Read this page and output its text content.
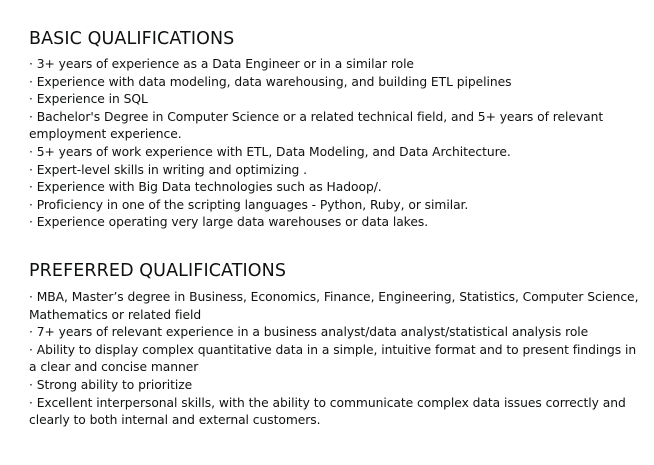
BASIC QUALIFICATIONS
· 3+ years of experience as a Data Engineer or in a similar role
· Experience with data modeling, data warehousing, and building ETL pipelines
· Experience in SQL
· Bachelor's Degree in Computer Science or a related technical field, and 5+ years of relevant employment experience.
· 5+ years of work experience with ETL, Data Modeling, and Data Architecture.
· Expert-level skills in writing and optimizing .
· Experience with Big Data technologies such as Hadoop/.
· Proficiency in one of the scripting languages - Python, Ruby, or similar.
· Experience operating very large data warehouses or data lakes.
PREFERRED QUALIFICATIONS
· MBA, Master’s degree in Business, Economics, Finance, Engineering, Statistics, Computer Science, Mathematics or related field
· 7+ years of relevant experience in a business analyst/data analyst/statistical analysis role
· Ability to display complex quantitative data in a simple, intuitive format and to present findings in a clear and concise manner
· Strong ability to prioritize
· Excellent interpersonal skills, with the ability to communicate complex data issues correctly and clearly to both internal and external customers.
